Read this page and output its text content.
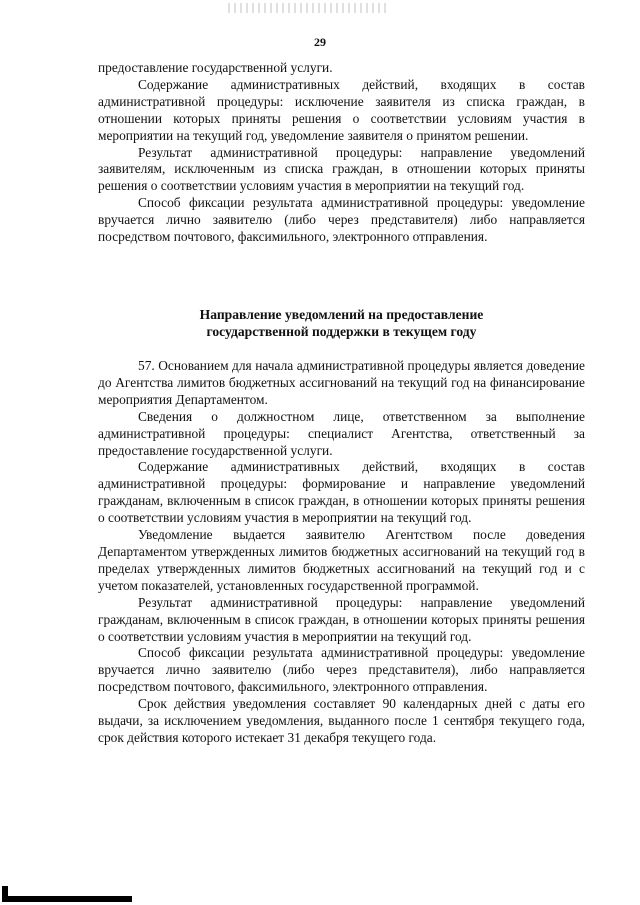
29

предоставление государственной услуги.

Содержание административных действий, входящих в состав административной процедуры: исключение заявителя из списка граждан, в отношении которых приняты решения о соответствии условиям участия в мероприятии на текущий год, уведомление заявителя о принятом решении.

Результат административной процедуры: направление уведомлений заявителям, исключенным из списка граждан, в отношении которых приняты решения о соответствии условиям участия в мероприятии на текущий год.

Способ фиксации результата административной процедуры: уведомление вручается лично заявителю (либо через представителя) либо направляется посредством почтового, факсимильного, электронного отправления.

Направление уведомлений на предоставление
государственной поддержки в текущем году

57. Основанием для начала административной процедуры является доведение до Агентства лимитов бюджетных ассигнований на текущий год на финансирование мероприятия Департаментом.

Сведения о должностном лице, ответственном за выполнение административной процедуры: специалист Агентства, ответственный за предоставление государственной услуги.

Содержание административных действий, входящих в состав административной процедуры: формирование и направление уведомлений гражданам, включенным в список граждан, в отношении которых приняты решения о соответствии условиям участия в мероприятии на текущий год.

Уведомление выдается заявителю Агентством после доведения Департаментом утвержденных лимитов бюджетных ассигнований на текущий год в пределах утвержденных лимитов бюджетных ассигнований на текущий год и с учетом показателей, установленных государственной программой.

Результат административной процедуры: направление уведомлений гражданам, включенным в список граждан, в отношении которых приняты решения о соответствии условиям участия в мероприятии на текущий год.

Способ фиксации результата административной процедуры: уведомление вручается лично заявителю (либо через представителя), либо направляется посредством почтового, факсимильного, электронного отправления.

Срок действия уведомления составляет 90 календарных дней с даты его выдачи, за исключением уведомления, выданного после 1 сентября текущего года, срок действия которого истекает 31 декабря текущего года.
